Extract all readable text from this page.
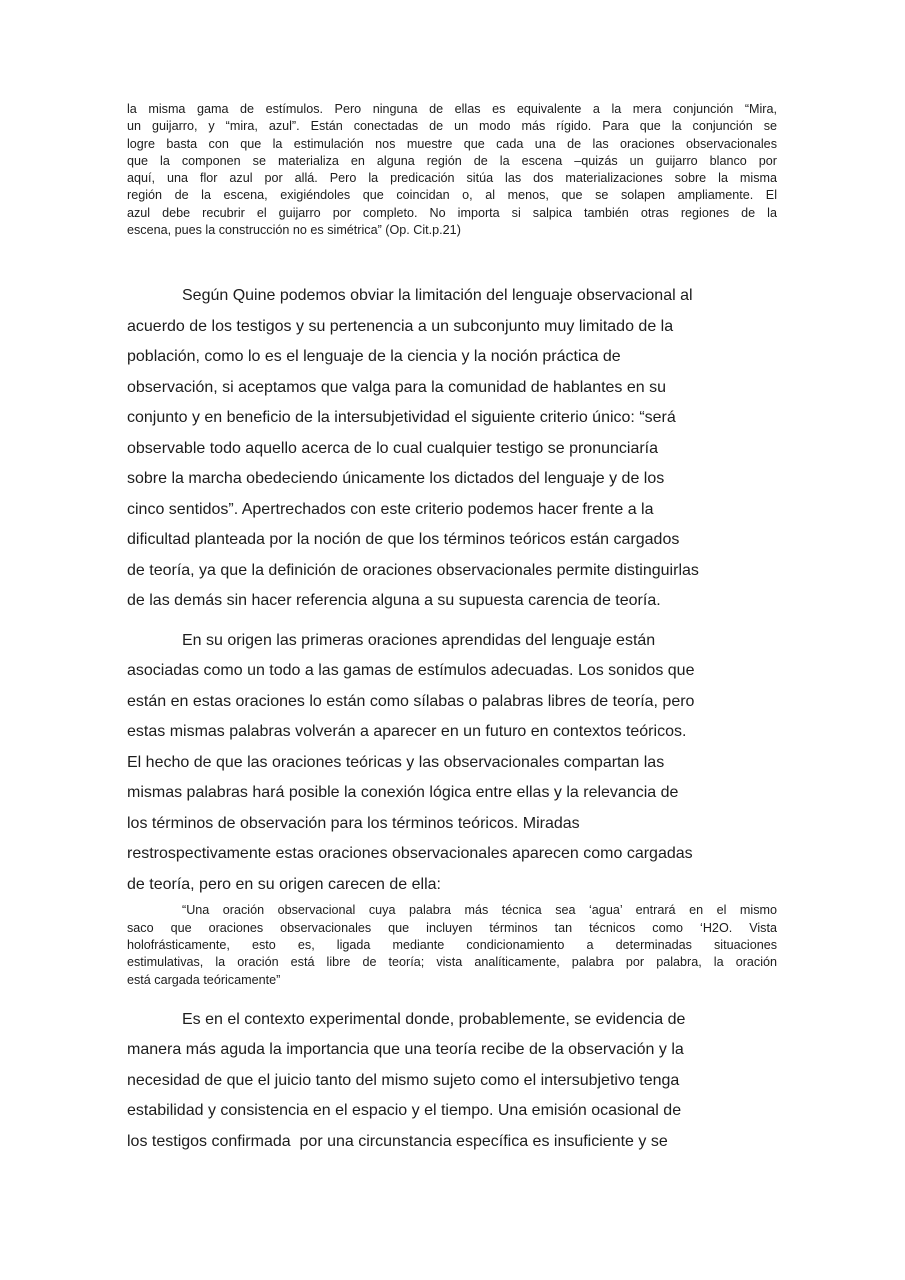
la misma gama de estímulos. Pero ninguna de ellas es equivalente a la mera conjunción “Mira,
un guijarro, y “mira, azul”. Están conectadas de un modo más rígido. Para que la conjunción se
logre basta con que la estimulación nos muestre que cada una de las oraciones observacionales
que la componen se materializa en alguna región de la escena –quizás un guijarro blanco por
aquí, una flor azul por allá. Pero la predicación sitúa las dos materializaciones sobre la misma
región de la escena, exigiéndoles que coincidan o, al menos, que se solapen ampliamente. El
azul debe recubrir el guijarro por completo. No importa si salpica también otras regiones de la
escena, pues la construcción no es simétrica” (Op. Cit.p.21)
Según Quine podemos obviar la limitación del lenguaje observacional al
acuerdo de los testigos y su pertenencia a un subconjunto muy limitado de la
población, como lo es el lenguaje de la ciencia y la noción práctica de
observación, si aceptamos que valga para la comunidad de hablantes en su
conjunto y en beneficio de la intersubjetividad el siguiente criterio único: “será
observable todo aquello acerca de lo cual cualquier testigo se pronunciaría
sobre la marcha obedeciendo únicamente los dictados del lenguaje y de los
cinco sentidos”. Apertrechados con este criterio podemos hacer frente a la
dificultad planteada por la noción de que los términos teóricos están cargados
de teoría, ya que la definición de oraciones observacionales permite distinguirlas
de las demás sin hacer referencia alguna a su supuesta carencia de teoría.
En su origen las primeras oraciones aprendidas del lenguaje están
asociadas como un todo a las gamas de estímulos adecuadas. Los sonidos que
están en estas oraciones lo están como sílabas o palabras libres de teoría, pero
estas mismas palabras volverán a aparecer en un futuro en contextos teóricos.
El hecho de que las oraciones teóricas y las observacionales compartan las
mismas palabras hará posible la conexión lógica entre ellas y la relevancia de
los términos de observación para los términos teóricos. Miradas
restrospectivamente estas oraciones observacionales aparecen como cargadas
de teoría, pero en su origen carecen de ella:
“Una oración observacional cuya palabra más técnica sea ‘agua’ entrará en el mismo
saco que oraciones observacionales que incluyen términos tan técnicos como ‘H2O. Vista
holofrásticamente, esto es, ligada mediante condicionamiento a determinadas situaciones
estimulativas, la oración está libre de teoría; vista analíticamente, palabra por palabra, la oración
está cargada teóricamente”
Es en el contexto experimental donde, probablemente, se evidencia de
manera más aguda la importancia que una teoría recibe de la observación y la
necesidad de que el juicio tanto del mismo sujeto como el intersubjetivo tenga
estabilidad y consistencia en el espacio y el tiempo. Una emisión ocasional de
los testigos confirmada  por una circunstancia específica es insuficiente y se
